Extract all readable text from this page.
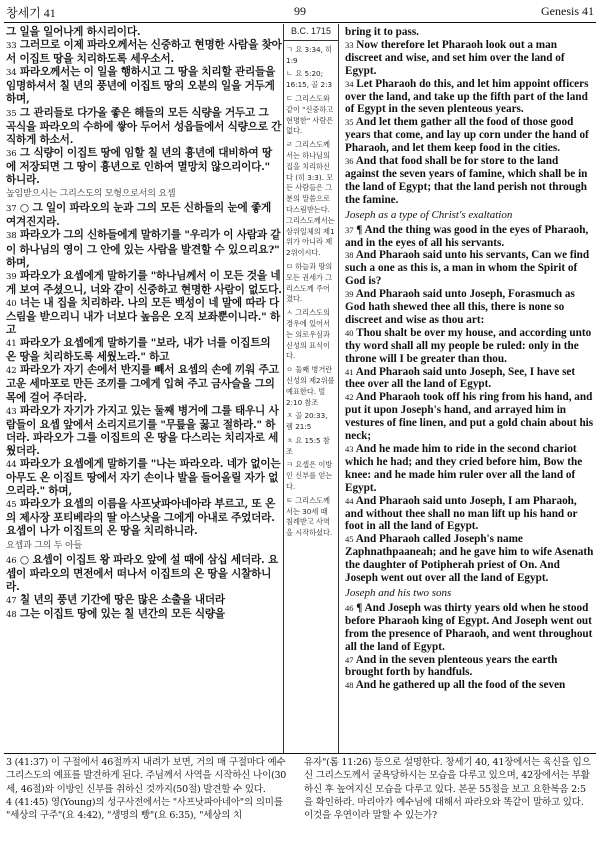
창세기 41	99	Genesis 41

그 일을 일어나게 하시리이다.

33 그러므로 이제 파라오께서는 신중하고 현명한 사람을 찾아서 이집트 땅을 치리하도록 세우소서.

34 파라오께서는 이 일을 행하시고 그 땅을 치리할 관리들을 임명하셔서 칠 년의 풍년에 이집트 땅의 오분의 일을 거두게 하며,

35 그 관리들로 다가올 좋은 해들의 모든 식량을 거두고 그 곡식을 파라오의 수하에 쌓아 두어서 성읍들에서 식량으로 간직하게 하소서.

36 그 식량이 이집트 땅에 임할 칠 년의 흉년에 대비하여 땅에 저장되면 그 땅이 흉년으로 인하여 멸망치 않으리이다." 하니라.

높임받으시는 그리스도의 모형으로서의 요셉

37 ○ 그 일이 파라오의 눈과 그의 모든 신하들의 눈에 좋게 여겨진지라.

38 파라오가 그의 신하들에게 말하기를 "우리가 이 사람과 같이 하나님의 영이 그 안에 있는 사람을 발견할 수 있으리요?" 하며,

39 파라오가 요셉에게 말하기를 "하나님께서 이 모든 것을 네게 보여 주셨으니, 너와 같이 신중하고 현명한 사람이 없도다.

40 너는 내 집을 치리하라. 나의 모든 백성이 네 말에 따라 다스림을 받으리니 내가 너보다 높음은 오직 보좌뿐이니라." 하고

41 파라오가 요셉에게 말하기를 "보라, 내가 너를 이집트의 온 땅을 치리하도록 세웠노라." 하고

42 파라오가 자기 손에서 반지를 빼서 요셉의 손에 끼워 주고 고운 세마포로 만든 조끼를 그에게 입혀 주고 금사슬을 그의 목에 걸어 주더라.

43 파라오가 자기가 가지고 있는 둘째 병거에 그를 태우니 사람들이 요셉 앞에서 소리지르기를 "무릎을 꿇고 절하라." 하더라. 파라오가 그를 이집트의 온 땅을 다스리는 치리자로 세웠더라.

44 파라오가 요셉에게 말하기를 "나는 파라오라. 네가 없이는 아무도 온 이집트 땅에서 자기 손이나 발을 들어올릴 자가 없으리라." 하며,

45 파라오가 요셉의 이름을 사프낫파아네아라 부르고, 또 온의 제사장 포티베라의 딸 아스낫을 그에게 아내로 주었더라. 요셉이 나가 이집트의 온 땅을 치리하니라.

요셉과 그의 두 아들

46 ○ 요셉이 이집트 왕 파라오 앞에 설 때에 삼십 세더라. 요셉이 파라오의 면전에서 떠나서 이집트의 온 땅을 시찰하니라.

47 칠 년의 풍년 기간에 땅은 많은 소출을 내더라

48 그는 이집트 땅에 있는 칠 년간의 모든 식량을

B.C. 1715
ㄱ 요 3:34, 히 1:9
ㄴ 요 5:20; 16:15, 골 2:3
ㄷ 그리스도와 같이 "신중하고 현명한" 사람은 없다.
ㄹ 그리스도께서는 하나님의 집을 치리하신다 (히 3:3). 모든 사람들은 그분의 말씀으로 다스림받는다. 그리스도께서는 삼위일체의 제1위가 아니라 제2위이시다.
ㅁ 하늘과 땅의 모든 권세가 그리스도께 주어졌다.
ㅅ 그리스도의 경우에 있어서는 의로우심과 신성의 표식이다.
ㅇ 둘째 병거란 신성의 제2위를 예표한다. 빌 2:10 참조
ㅈ 골 20:33, 렘 21:5
ㅊ 요 15:5 참조
ㅋ 요셉은 이방인 신부를 얻는다.
ㅌ 그리스도께서는 30세 때 침례받고 사역을 시작하셨다.

bring it to pass.

33 Now therefore let Pharaoh look out a man discreet and wise, and set him over the land of Egypt.

34 Let Pharaoh do this, and let him appoint officers over the land, and take up the fifth part of the land of Egypt in the seven plenteous years.

35 And let them gather all the food of those good years that come, and lay up corn under the hand of Pharaoh, and let them keep food in the cities.

36 And that food shall be for store to the land against the seven years of famine, which shall be in the land of Egypt; that the land perish not through the famine.

Joseph as a type of Christ's exaltation

37 ¶ And the thing was good in the eyes of Pharaoh, and in the eyes of all his servants.

38 And Pharaoh said unto his servants, Can we find such a one as this is, a man in whom the Spirit of God is?

39 And Pharaoh said unto Joseph, Forasmuch as God hath shewed thee all this, there is none so discreet and wise as thou art:

40 Thou shalt be over my house, and according unto thy word shall all my people be ruled: only in the throne will I be greater than thou.

41 And Pharaoh said unto Joseph, See, I have set thee over all the land of Egypt.

42 And Pharaoh took off his ring from his hand, and put it upon Joseph's hand, and arrayed him in vestures of fine linen, and put a gold chain about his neck;

43 And he made him to ride in the second chariot which he had; and they cried before him, Bow the knee: and he made him ruler over all the land of Egypt.

44 And Pharaoh said unto Joseph, I am Pharaoh, and without thee shall no man lift up his hand or foot in all the land of Egypt.

45 And Pharaoh called Joseph's name Zaphnathpaaneah; and he gave him to wife Asenath the daughter of Potipherah priest of On. And Joseph went out over all the land of Egypt.

Joseph and his two sons

46 ¶ And Joseph was thirty years old when he stood before Pharaoh king of Egypt. And Joseph went out from the presence of Pharaoh, and went throughout all the land of Egypt.

47 And in the seven plenteous years the earth brought forth by handfuls.

48 And he gathered up all the food of the seven

3 (41:37) 이 구절에서 46절까지 내려가 보면, 거의 매 구절마다 예수 그리스도의 예표를 발견하게 된다. 주님께서 사역을 시작하신 나이(30세, 46절)와 이방인 신부를 취하신 것까지(50절) 발견할 수 있다.

4 (41:45) 영(Young)의 성구사전에서는 "사프낫파아네아"의 의미를 "세상의 구주"(요 4:42), "생명의 빵"(요 6:35), "세상의 치

유자"(롬 11:26) 등으로 설명한다. 창세기 40, 41장에서는 육신을 입으신 그리스도께서 굴욕당하시는 모습을 다루고 있으며, 42장에서는 부활하신 후 높여지신 모습을 다루고 있다. 본문 55절을 보고 요한복음 2:5을 확인하라. 마리아가 예수님에 대해서 파라오와 똑같이 말하고 있다. 이것을 우연이라 말할 수 있는가?
